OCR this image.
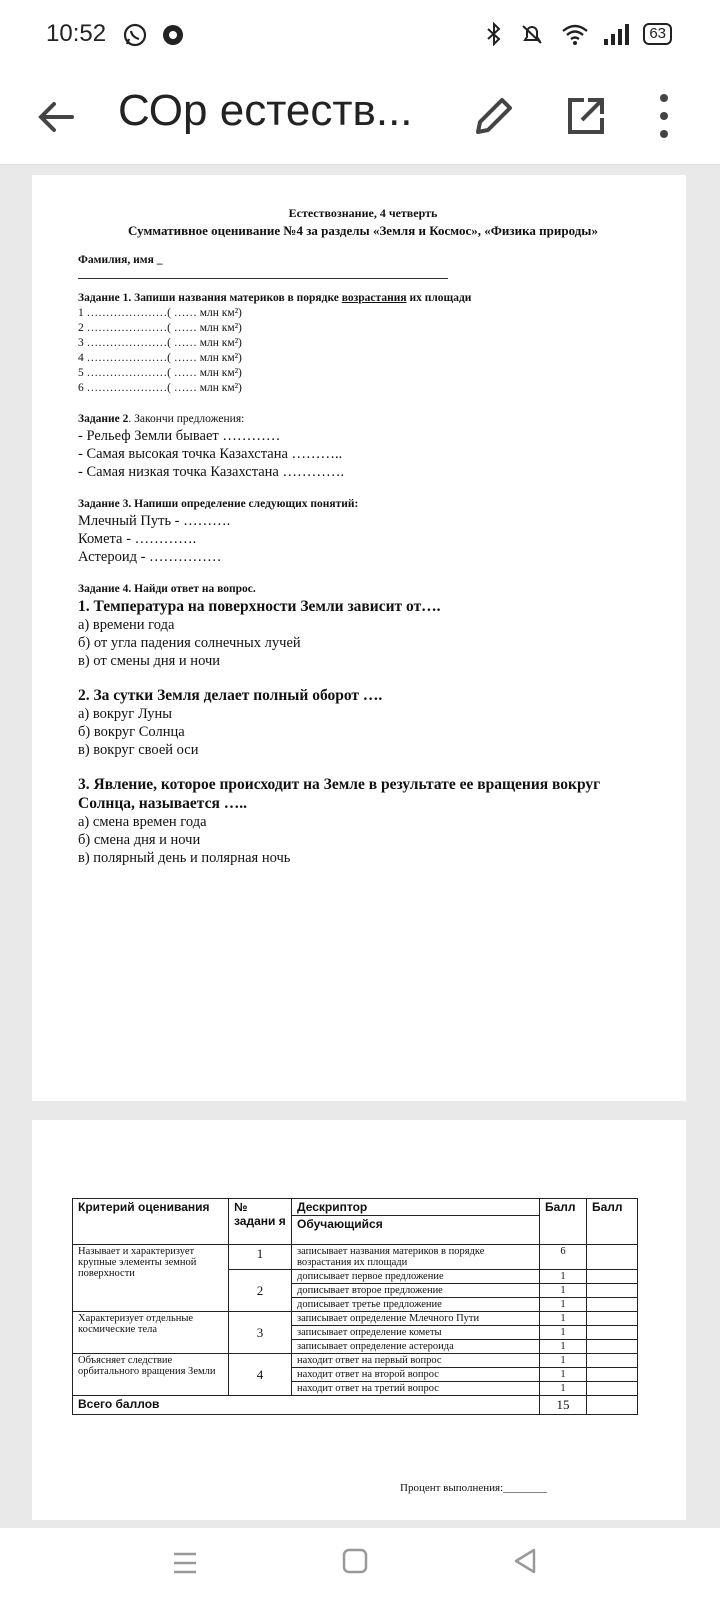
10:52	63
СОр естеств...
Естествознание, 4 четверть
Суммативное оценивание №4 за разделы «Земля и Космос», «Физика природы»
Фамилия, имя _
Задание 1. Запиши названия материков в порядке возрастания их площади
1 …………………( …… млн км²)
2 …………………( …… млн км²)
3 …………………( …… млн км²)
4 …………………( …… млн км²)
5 …………………( …… млн км²)
6 …………………( …… млн км²)
Задание 2. Закончи предложения:
- Рельеф Земли бывает …………
- Самая высокая точка Казахстана ………..
- Самая низкая точка Казахстана ………….
Задание 3. Напиши определение следующих понятий:
Млечный Путь - ……….
Комета - ………….
Астероид - ……………
Задание 4. Найди ответ на вопрос.
1. Температура на поверхности Земли зависит от….
а) времени года
б) от угла падения солнечных лучей
в) от смены дня и ночи
2. За сутки Земля делает полный оборот ….
а) вокруг Луны
б) вокруг Солнца
в) вокруг своей оси
3. Явление, которое происходит на Земле в результате ее вращения вокруг Солнца, называется …..
а) смена времен года
б) смена дня и ночи
в) полярный день и полярная ночь
Критерий оценивания	№ задани я	Дескриптор	Балл	Балл
		Обучающийся		
Называет и характеризует крупные элементы земной поверхности	1	записывает названия материков в порядке возрастания их площади	6	
	2	дописывает первое предложение	1	
		дописывает второе предложение	1	
		дописывает третье предложение	1	
Характеризует отдельные космические тела	3	записывает определение Млечного Пути	1	
		записывает определение кометы	1	
		записывает определение астероида	1	
Объясняет следствие орбитального вращения Земли	4	находит ответ на первый вопрос	1	
		находит ответ на второй вопрос	1	
		находит ответ на третий вопрос	1	
Всего баллов			15	
Процент выполнения:________
